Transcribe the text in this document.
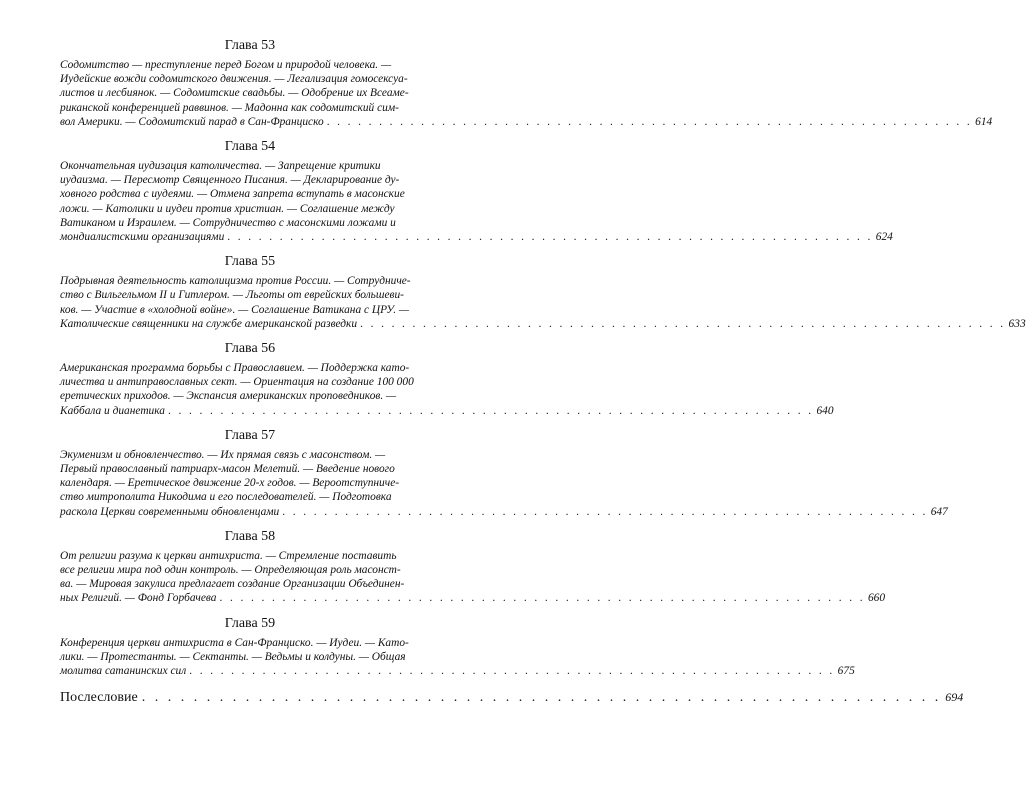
Глава 53
Содомитство — преступление перед Богом и природой человека. —
Иудейские вожди содомитского движения. — Легализация гомосексуа-
листов и лесбиянок. — Содомитские свадьбы. — Одобрение их Всеаме-
риканской конференцией раввинов. — Мадонна как содомитский сим-
вол Америки. — Содомитский парад в Сан-Франциско . . . . . . . . . . . . . . . . . . . . . . . . . . . . . . . . . . . . . . . . . . . . . . . . . . . . . . . . . . . . . . 614
Глава 54
Окончательная иудизация католичества. — Запрещение критики
иудаизма. — Пересмотр Священного Писания. — Декларирование ду-
ховного родства с иудеями. — Отмена запрета вступать в масонские
ложи. — Католики и иудеи против христиан. — Соглашение между
Ватиканом и Израилем. — Сотрудничество с масонскими ложами и
мондиалистскими организациями . . . . . . . . . . . . . . . . . . . . . . . . . . . . . . . . . . . . . . . . . . . . . . . . . . . . . . . . . . . . . . 624
Глава 55
Подрывная деятельность католицизма против России. — Сотрудниче-
ство с Вильгельмом II и Гитлером. — Льготы от еврейских большеви-
ков. — Участие в «холодной войне». — Соглашение Ватикана с ЦРУ. —
Католические священники на службе американской разведки . . . . . . . . . . . . . . . . . . . . . . . . . . . . . . . . . . . . . . . . . . . . . . . . . . . . . . . . . . . . . . 633
Глава 56
Американская программа борьбы с Православием. — Поддержка като-
личества и антиправославных сект. — Ориентация на создание 100 000
еретических приходов. — Экспансия американских проповедников. —
Каббала и дианетика . . . . . . . . . . . . . . . . . . . . . . . . . . . . . . . . . . . . . . . . . . . . . . . . . . . . . . . . . . . . . . 640
Глава 57
Экуменизм и обновленчество. — Их прямая связь с масонством. —
Первый православный патриарх-масон Мелетий. — Введение нового
календаря. — Еретическое движение 20-х годов. — Вероотступниче-
ство митрополита Никодима и его последователей. — Подготовка
раскола Церкви современными обновленцами . . . . . . . . . . . . . . . . . . . . . . . . . . . . . . . . . . . . . . . . . . . . . . . . . . . . . . . . . . . . . . 647
Глава 58
От религии разума к церкви антихриста. — Стремление поставить
все религии мира под один контроль. — Определяющая роль масонст-
ва. — Мировая закулиса предлагает создание Организации Объединен-
ных Религий. — Фонд Горбачева . . . . . . . . . . . . . . . . . . . . . . . . . . . . . . . . . . . . . . . . . . . . . . . . . . . . . . . . . . . . . . 660
Глава 59
Конференция церкви антихриста в Сан-Франциско. — Иудеи. — Като-
лики. — Протестанты. — Сектанты. — Ведьмы и колдуны. — Общая
молитва сатанинских сил . . . . . . . . . . . . . . . . . . . . . . . . . . . . . . . . . . . . . . . . . . . . . . . . . . . . . . . . . . . . . . 675
Послесловие . . . . . . . . . . . . . . . . . . . . . . . . . . . . . . . . . . . . . . . . . . . . . . . . . . . . . . . . . . . . . . 694
